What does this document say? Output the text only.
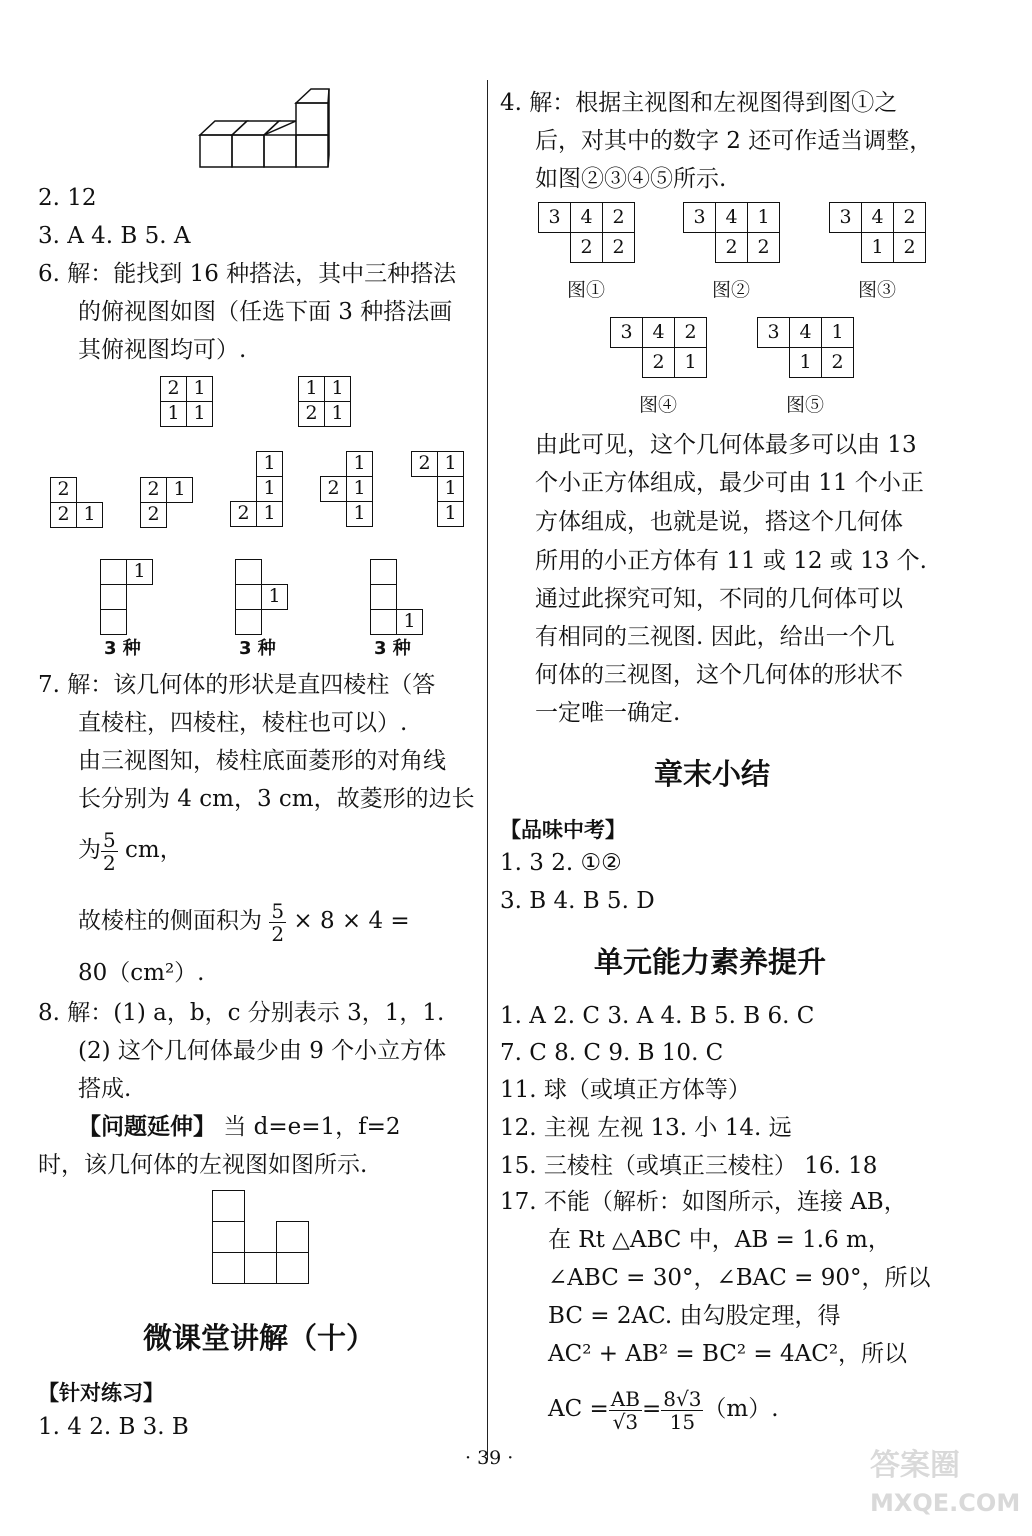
2. 12
3. A 4. B 5. A
6. 解：能找到 16 种搭法，其中三种搭法
的俯视图如图（任选下面 3 种搭法画
其俯视图均可）.
2 1
1 1
1 1
2 1
2
2 1
2 1
2
1
1
2 1
1
2 1
1
2 1
1
1
1
3 种
1
3 种
1
3 种
7. 解：该几何体的形状是直四棱柱（答
直棱柱，四棱柱，棱柱也可以）.
由三视图知，棱柱底面菱形的对角线
长分别为 4 cm，3 cm，故菱形的边长
为 $\frac{5}{2}$ cm，
故棱柱的侧面积为 $\frac{5}{2} \times 8 \times 4$ =
80（cm²）.
8. 解：(1) a，b，c 分别表示 3，1，1.
(2) 这个几何体最少由 9 个小立方体
搭成.
【问题延伸】 当 d=e=1，f=2
时，该几何体的左视图如图所示.
微课堂讲解（十）
【针对练习】
1. 4 2. B 3. B
4. 解：根据主视图和左视图得到图①之
后，对其中的数字 2 还可作适当调整，
如图②③④⑤所示.
3	4	2
2	2
图①
3	4	1
2	2
图②
3	4	2
1	2
图③
3	4	2
2	1
图④
3	4	1
1	2
图⑤
由此可见，这个几何体最多可以由 13
个小正方体组成，最少可由 11 个小正
方体组成，也就是说，搭这个几何体
所用的小正方体有 11 或 12 或 13 个.
通过此探究可知，不同的几何体可以
有相同的三视图. 因此，给出一个几
何体的三视图，这个几何体的形状不
一定唯一确定.
章末小结
【品味中考】
1. 3 2. ①②
3. B 4. B 5. D
单元能力素养提升
1. A 2. C 3. A 4. B 5. B 6. C
7. C 8. C 9. B 10. C
11. 球（或填正方体等）
12. 主视 左视 13. 小 14. 远
15. 三棱柱（或填正三棱柱） 16. 18
17. 不能（解析：如图所示，连接 AB，
在 Rt △ABC 中，AB = 1.6 m，
∠ABC = 30°，∠BAC = 90°，所以
BC = 2AC. 由勾股定理，得
AC² + AB² = BC² = 4AC²，所以
AC = $\frac{AB}{√3} = \frac{8√3}{15} (m)$.
· 39 ·	答案圈
MXQE.COM
